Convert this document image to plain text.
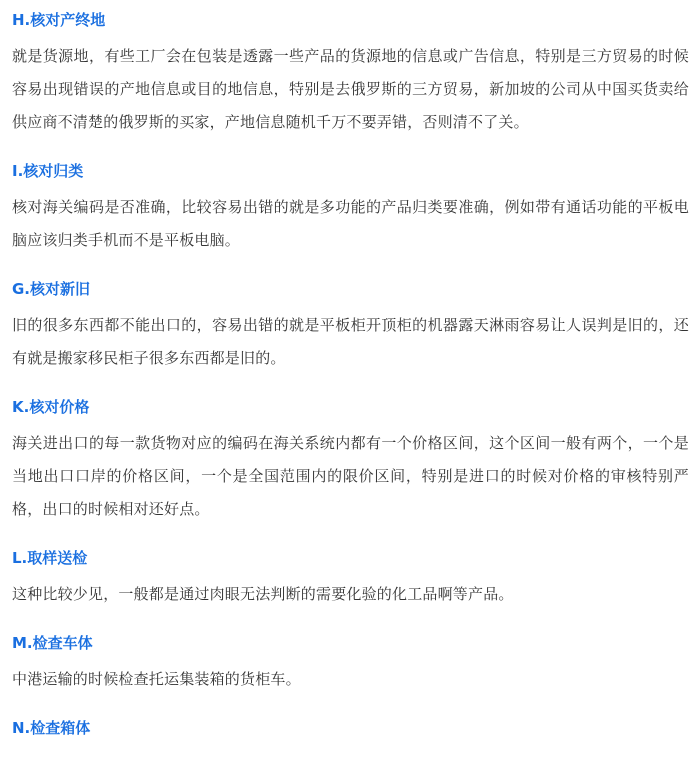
H.核对产终地

就是货源地，有些工厂会在包装是透露一些产品的货源地的信息或广告信息，特别是三方贸易的时候容易出现错误的产地信息或目的地信息，特别是去俄罗斯的三方贸易，新加坡的公司从中国买货卖给供应商不清楚的俄罗斯的买家，产地信息随机千万不要弄错，否则清不了关。

I.核对归类

核对海关编码是否准确，比较容易出错的就是多功能的产品归类要准确，例如带有通话功能的平板电脑应该归类手机而不是平板电脑。

G.核对新旧

旧的很多东西都不能出口的，容易出错的就是平板柜开顶柜的机器露天淋雨容易让人误判是旧的，还有就是搬家移民柜子很多东西都是旧的。

K.核对价格

海关进出口的每一款货物对应的编码在海关系统内都有一个价格区间，这个区间一般有两个，一个是当地出口口岸的价格区间，一个是全国范围内的限价区间，特别是进口的时候对价格的审核特别严格，出口的时候相对还好点。

L.取样送检

这种比较少见，一般都是通过肉眼无法判断的需要化验的化工品啊等产品。

M.检查车体

中港运输的时候检查托运集装箱的货柜车。

N.检查箱体
